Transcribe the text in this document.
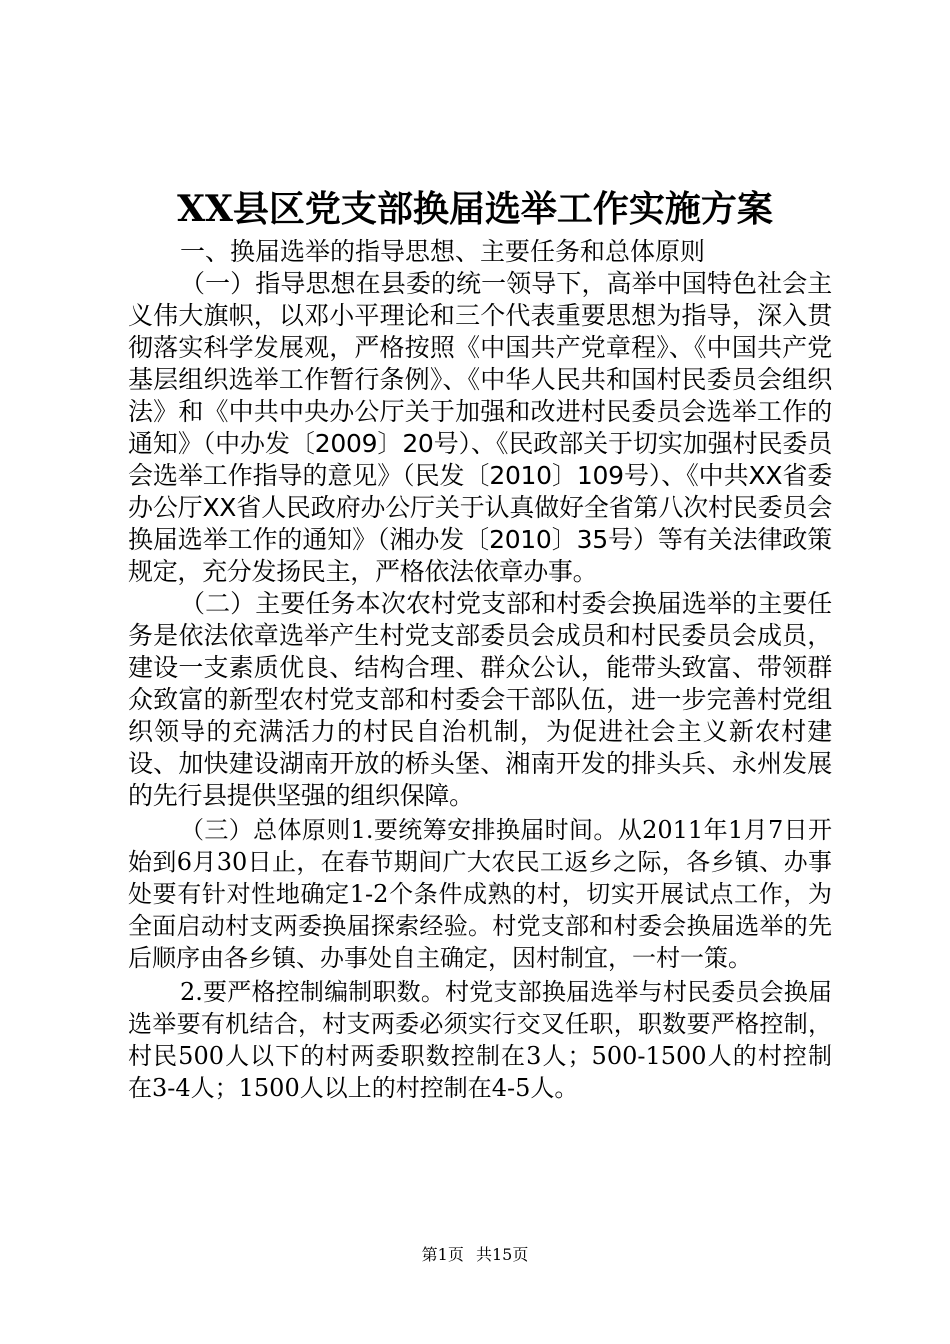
XX县区党支部换届选举工作实施方案

一、换届选举的指导思想、主要任务和总体原则

（一）指导思想在县委的统一领导下，高举中国特色社会主义伟大旗帜，以邓小平理论和三个代表重要思想为指导，深入贯彻落实科学发展观，严格按照《中国共产党章程》、《中国共产党基层组织选举工作暂行条例》、《中华人民共和国村民委员会组织法》和《中共中央办公厅关于加强和改进村民委员会选举工作的通知》（中办发〔2009〕20号）、《民政部关于切实加强村民委员会选举工作指导的意见》（民发〔2010〕109号）、《中共XX省委办公厅XX省人民政府办公厅关于认真做好全省第八次村民委员会换届选举工作的通知》（湘办发〔2010〕35号）等有关法律政策规定，充分发扬民主，严格依法依章办事。

（二）主要任务本次农村党支部和村委会换届选举的主要任务是依法依章选举产生村党支部委员会成员和村民委员会成员，建设一支素质优良、结构合理、群众公认，能带头致富、带领群众致富的新型农村党支部和村委会干部队伍，进一步完善村党组织领导的充满活力的村民自治机制，为促进社会主义新农村建设、加快建设湖南开放的桥头堡、湘南开发的排头兵、永州发展的先行县提供坚强的组织保障。

（三）总体原则1.要统筹安排换届时间。从2011年1月7日开始到6月30日止，在春节期间广大农民工返乡之际，各乡镇、办事处要有针对性地确定1-2个条件成熟的村，切实开展试点工作，为全面启动村支两委换届探索经验。村党支部和村委会换届选举的先后顺序由各乡镇、办事处自主确定，因村制宜，一村一策。

2.要严格控制编制职数。村党支部换届选举与村民委员会换届选举要有机结合，村支两委必须实行交叉任职，职数要严格控制，村民500人以下的村两委职数控制在3人；500-1500人的村控制在3-4人；1500人以上的村控制在4-5人。

第1页 共15页
